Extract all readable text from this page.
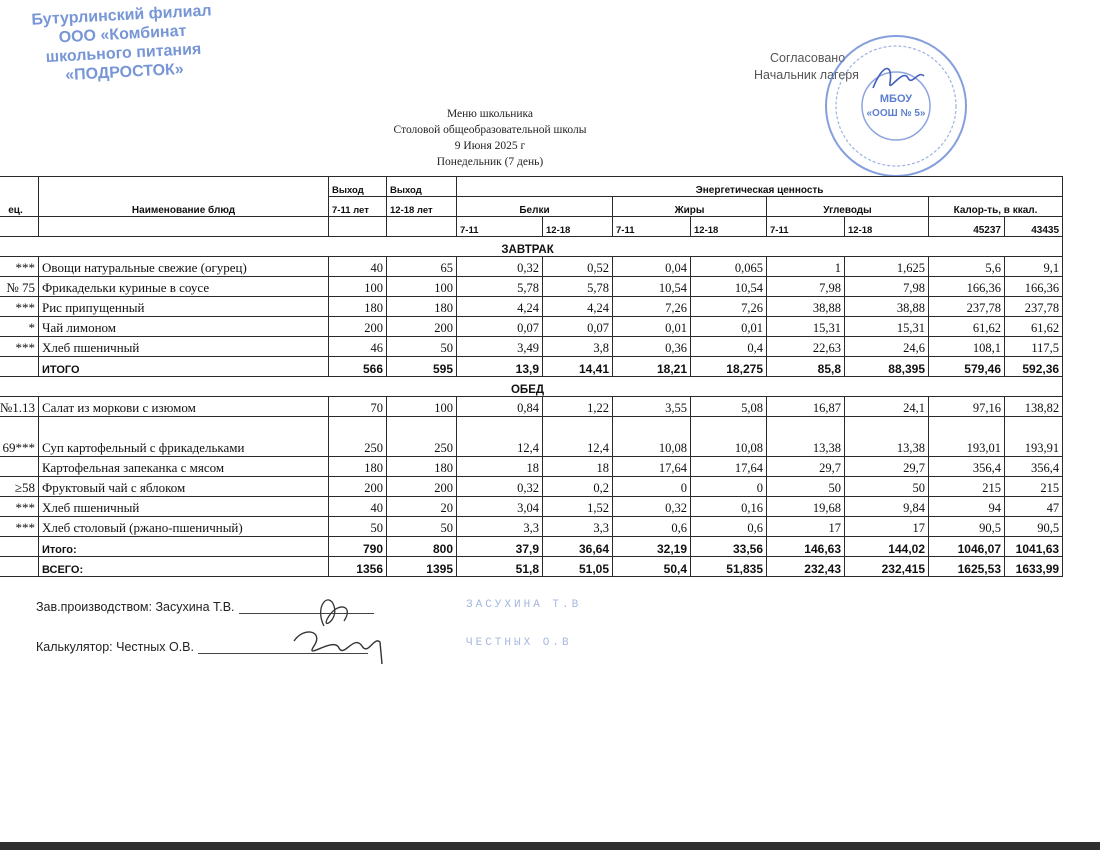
Бутурлинский филиал
ООО «Комбинат
школьного питания
«ПОДРОСТОК»
Согласовано
Начальник лагеря
МБОУ
«ООШ № 5»
Меню школьника
Столовой общеобразовательной школы
9 Июня 2025 г
Понедельник (7 день)
ец.	Наименование блюд	Выход	Выход	Энергетическая ценность							
		7-11 лет	12-18 лет	Белки		Жиры		Углеводы		Калор-ть, в ккал.	
				7-11	12-18	7-11	12-18	7-11	12-18	45237	43435
ЗАВТРАК											
***	Овощи натуральные свежие (огурец)	40	65	0,32	0,52	0,04	0,065	1	1,625	5,6	9,1
№ 75	Фрикадельки куриные в соусе	100	100	5,78	5,78	10,54	10,54	7,98	7,98	166,36	166,36
***	Рис припущенный	180	180	4,24	4,24	7,26	7,26	38,88	38,88	237,78	237,78
*	Чай лимоном	200	200	0,07	0,07	0,01	0,01	15,31	15,31	61,62	61,62
***	Хлеб пшеничный	46	50	3,49	3,8	0,36	0,4	22,63	24,6	108,1	117,5
	ИТОГО	566	595	13,9	14,41	18,21	18,275	85,8	88,395	579,46	592,36
ОБЕД											
№1.13	Салат из моркови с изюмом	70	100	0,84	1,22	3,55	5,08	16,87	24,1	97,16	138,82
69***	Суп картофельный с фрикадельками	250	250	12,4	12,4	10,08	10,08	13,38	13,38	193,01	193,91
	Картофельная запеканка с мясом	180	180	18	18	17,64	17,64	29,7	29,7	356,4	356,4
≥58	Фруктовый чай с яблоком	200	200	0,32	0,2	0	0	50	50	215	215
***	Хлеб пшеничный	40	20	3,04	1,52	0,32	0,16	19,68	9,84	94	47
***	Хлеб столовый (ржано-пшеничный)	50	50	3,3	3,3	0,6	0,6	17	17	90,5	90,5
	Итого:	790	800	37,9	36,64	32,19	33,56	146,63	144,02	1046,07	1041,63
	ВСЕГО:	1356	1395	51,8	51,05	50,4	51,835	232,43	232,415	1625,53	1633,99
Зав.производством: Засухина Т.В.
Калькулятор: Честных О.В.
ЗАСУХИНА Т.В
ЧЕСТНЫХ О.В
